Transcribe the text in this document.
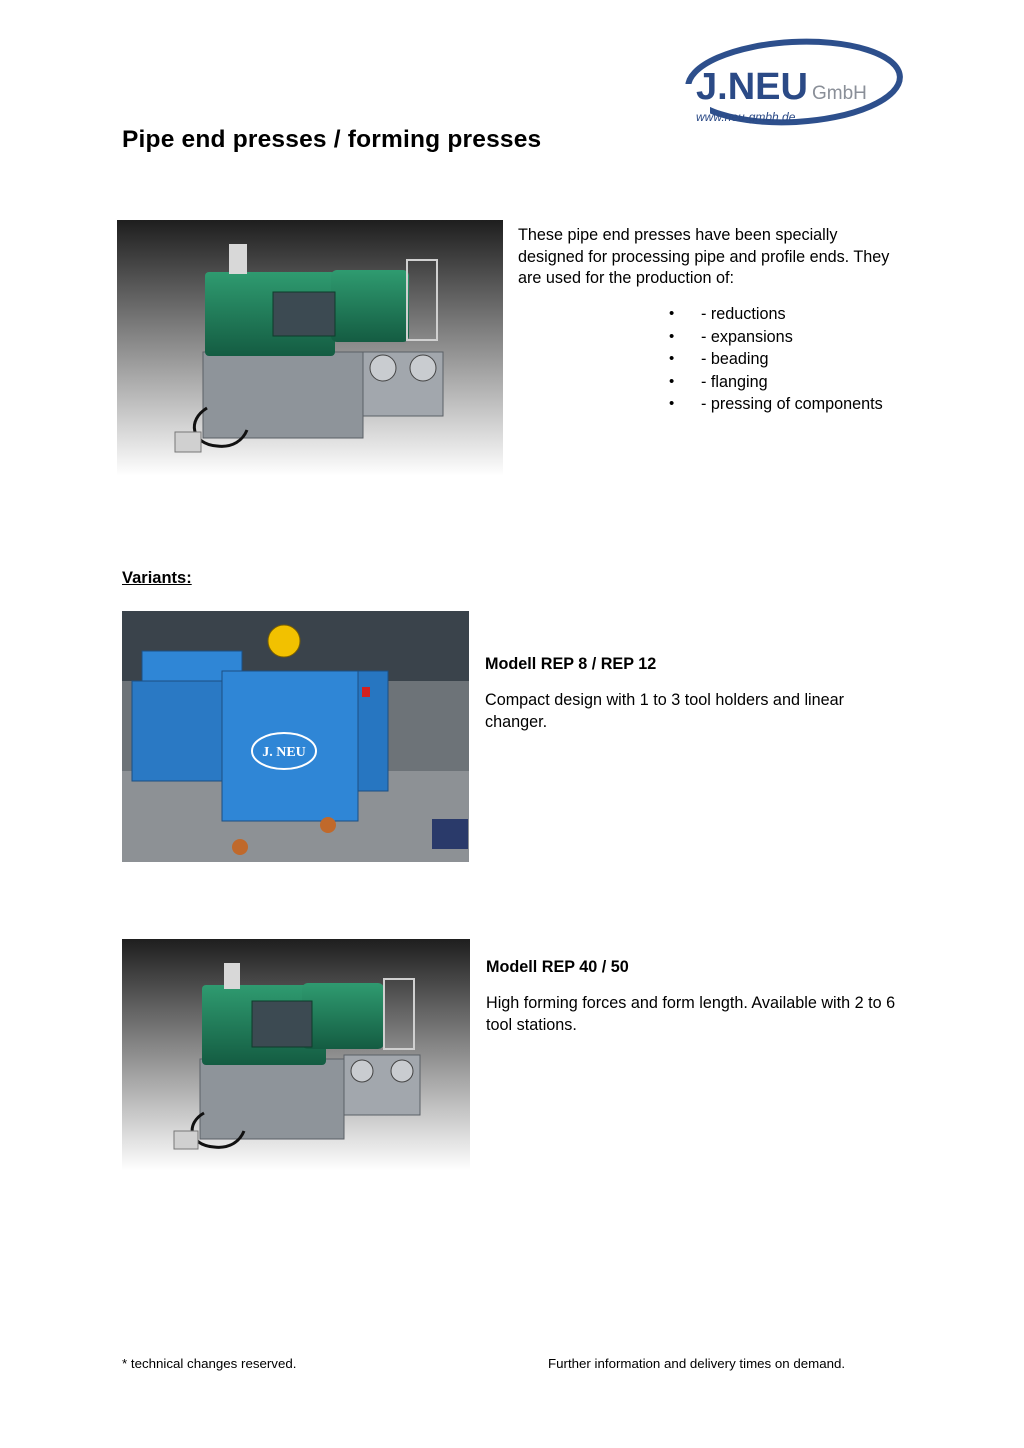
J.NEU GmbH
www.neu-gmbh.de
Pipe end presses / forming presses

These pipe end presses have been specially designed for processing pipe and profile ends. They are used for the production of:

• - reductions
• - expansions
• - beading
• - flanging
• - pressing of components
Variants:
J. NEU
Modell REP 8 / REP 12
Compact design with 1 to 3 tool holders and linear changer.
Modell REP 40 / 50
High forming forces and form length. Available with 2 to 6 tool stations.
* technical changes reserved.	Further information and delivery times on demand.
